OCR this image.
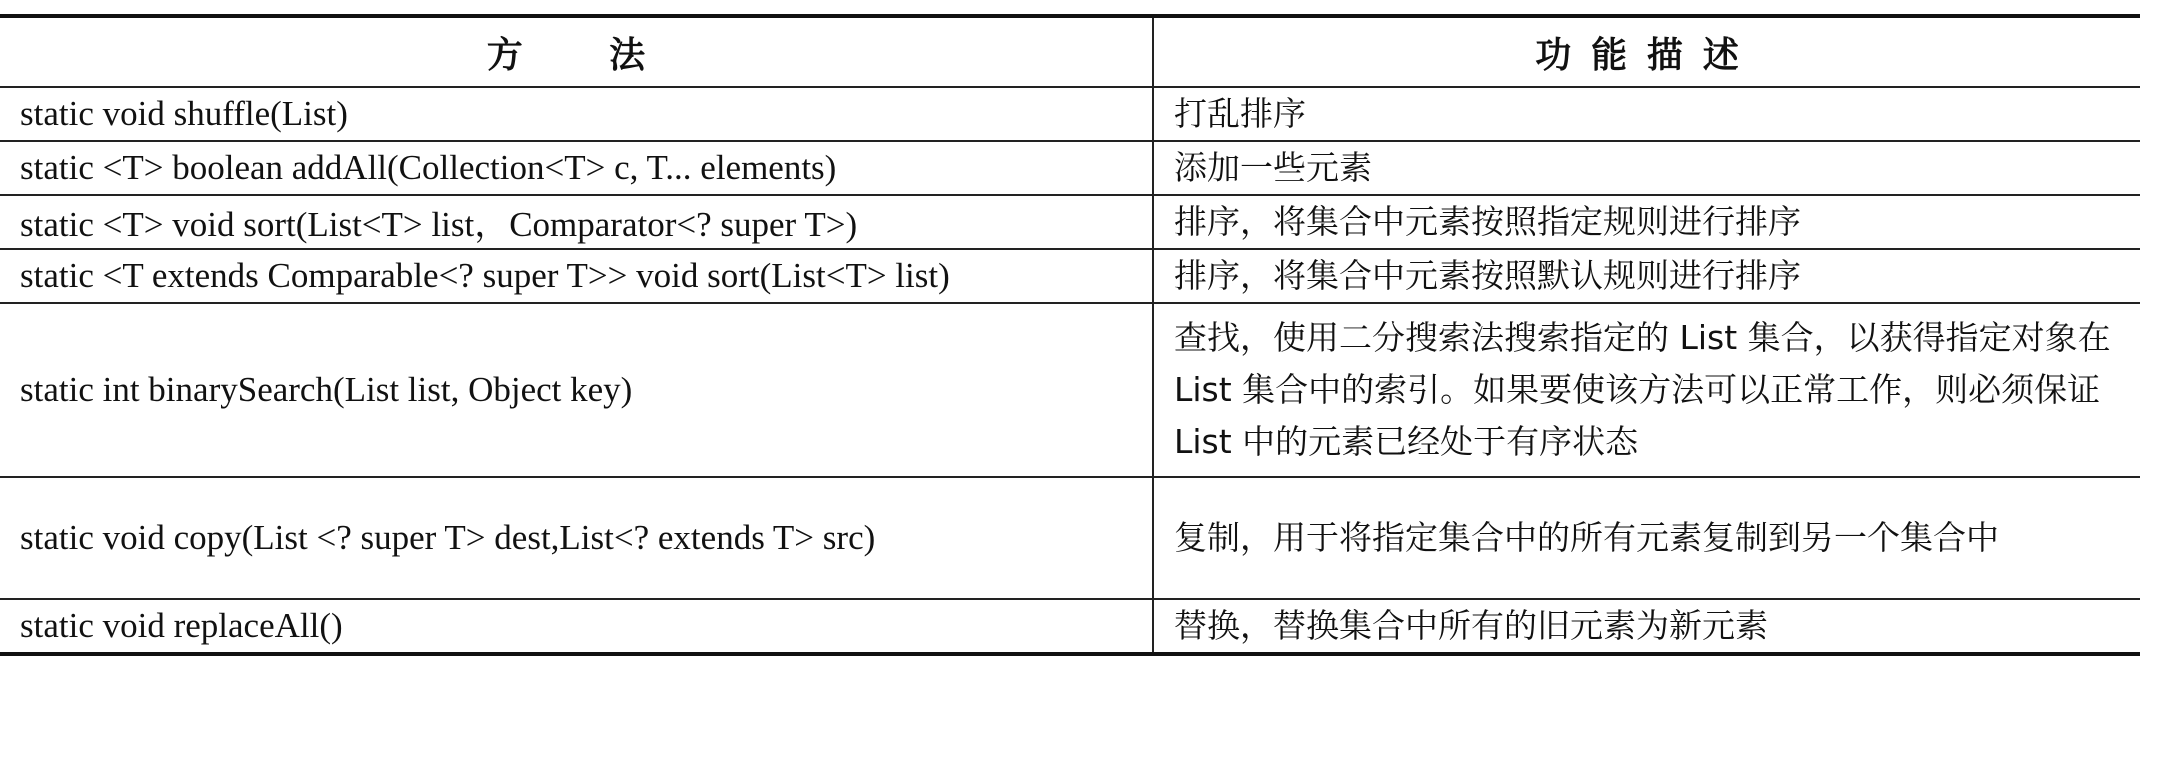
方法	功能描述
static void shuffle(List)	打乱排序
static <T> boolean addAll(Collection<T> c, T... elements)	添加一些元素
static <T> void sort(List<T> list，Comparator<? super T>)	排序，将集合中元素按照指定规则进行排序
static <T extends Comparable<? super T>> void sort(List<T> list)	排序，将集合中元素按照默认规则进行排序
static int binarySearch(List list, Object key)	查找，使用二分搜索法搜索指定的 List 集合，以获得指定对象在 List 集合中的索引。如果要使该方法可以正常工作，则必须保证 List 中的元素已经处于有序状态
static void copy(List <? super T> dest,List<? extends T> src)	复制，用于将指定集合中的所有元素复制到另一个集合中
static void replaceAll()	替换，替换集合中所有的旧元素为新元素
